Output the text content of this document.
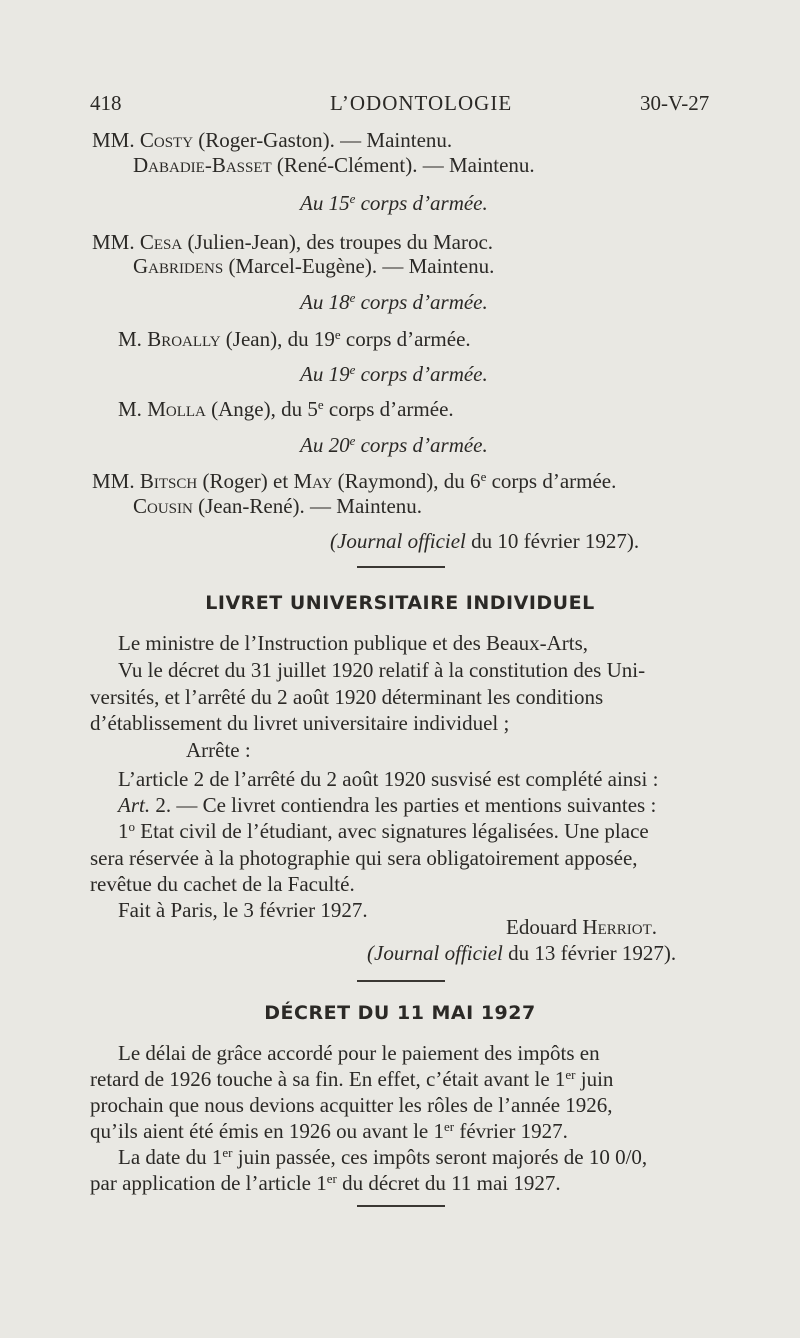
418	L’ODONTOLOGIE	30-V-27
MM. Costy (Roger-Gaston). — Maintenu.
Dabadie-Basset (René-Clément). — Maintenu.
Au 15e corps d’armée.
MM. Cesa (Julien-Jean), des troupes du Maroc.
Gabridens (Marcel-Eugène). — Maintenu.
Au 18e corps d’armée.
M. Broally (Jean), du 19e corps d’armée.
Au 19e corps d’armée.
M. Molla (Ange), du 5e corps d’armée.
Au 20e corps d’armée.
MM. Bitsch (Roger) et May (Raymond), du 6e corps d’armée.
Cousin (Jean-René). — Maintenu.
(Journal officiel du 10 février 1927).
LIVRET UNIVERSITAIRE INDIVIDUEL
Le ministre de l’Instruction publique et des Beaux-Arts,
Vu le décret du 31 juillet 1920 relatif à la constitution des Uni-
versités, et l’arrêté du 2 août 1920 déterminant les conditions
d’établissement du livret universitaire individuel ;
Arrête :
L’article 2 de l’arrêté du 2 août 1920 susvisé est complété ainsi :
Art. 2. — Ce livret contiendra les parties et mentions suivantes :
1$^o$ Etat civil de l’étudiant, avec signatures légalisées. Une place
sera réservée à la photographie qui sera obligatoirement apposée,
revêtue du cachet de la Faculté.
Fait à Paris, le 3 février 1927.
Edouard Herriot.
(Journal officiel du 13 février 1927).
DÉCRET DU 11 MAI 1927
Le délai de grâce accordé pour le paiement des impôts en
retard de 1926 touche à sa fin. En effet, c’était avant le 1er juin
prochain que nous devions acquitter les rôles de l’année 1926,
qu’ils aient été émis en 1926 ou avant le 1er février 1927.
La date du 1er juin passée, ces impôts seront majorés de 10 0/0,
par application de l’article 1er du décret du 11 mai 1927.
